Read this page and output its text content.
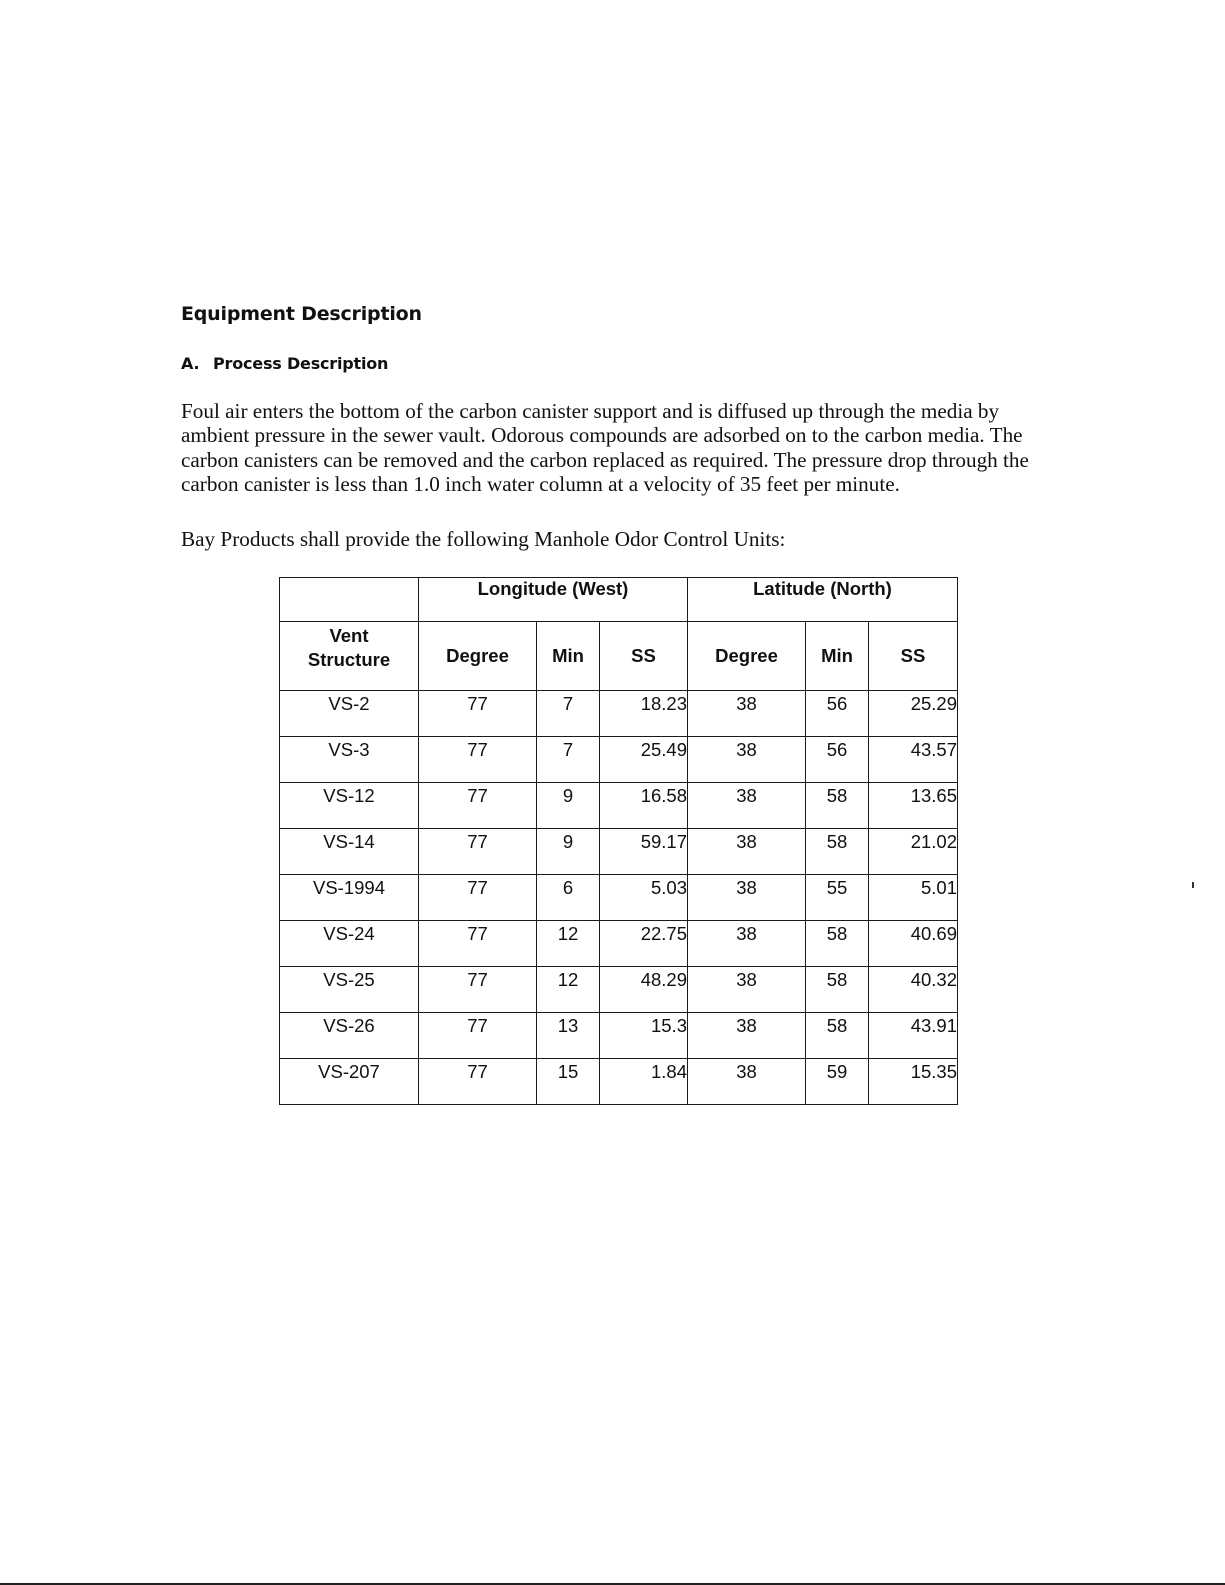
Equipment Description
A. Process Description

Foul air enters the bottom of the carbon canister support and is diffused up through the media by ambient pressure in the sewer vault. Odorous compounds are adsorbed on to the carbon media. The carbon canisters can be removed and the carbon replaced as required. The pressure drop through the carbon canister is less than 1.0 inch water column at a velocity of 35 feet per minute.

Bay Products shall provide the following Manhole Odor Control Units:

	Longitude (West)			Latitude (North)		
Vent
Structure	Degree	Min	SS	Degree	Min	SS
VS-2	77	7	18.23	38	56	25.29
VS-3	77	7	25.49	38	56	43.57
VS-12	77	9	16.58	38	58	13.65
VS-14	77	9	59.17	38	58	21.02
VS-1994	77	6	5.03	38	55	5.01
VS-24	77	12	22.75	38	58	40.69
VS-25	77	12	48.29	38	58	40.32
VS-26	77	13	15.3	38	58	43.91
VS-207	77	15	1.84	38	59	15.35
